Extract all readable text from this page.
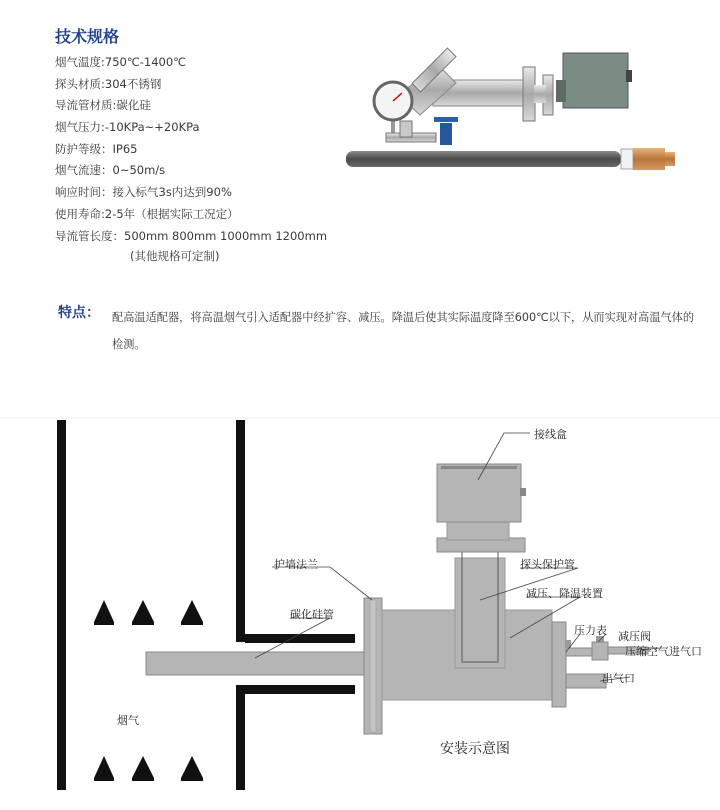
技术规格
烟气温度:750℃-1400℃
探头材质:304不锈钢
导流管材质:碳化硅
烟气压力:-10KPa~+20KPa
防护等级：IP65
烟气流速：0~50m/s
响应时间：接入标气3s内达到90%
使用寿命:2-5年（根据实际工况定）
导流管长度：500mm 800mm 1000mm 1200mm
(其他规格可定制)
特点： 配高温适配器，将高温烟气引入适配器中经扩容、减压。降温后使其实际温度降至600℃以下，从而实现对高温气体的检测。
接线盒
护墙法兰	探头保护管
碳化硅管
减压、降温装置
压力表 减压阀
压缩空气进气口
出气口
烟气
安装示意图
